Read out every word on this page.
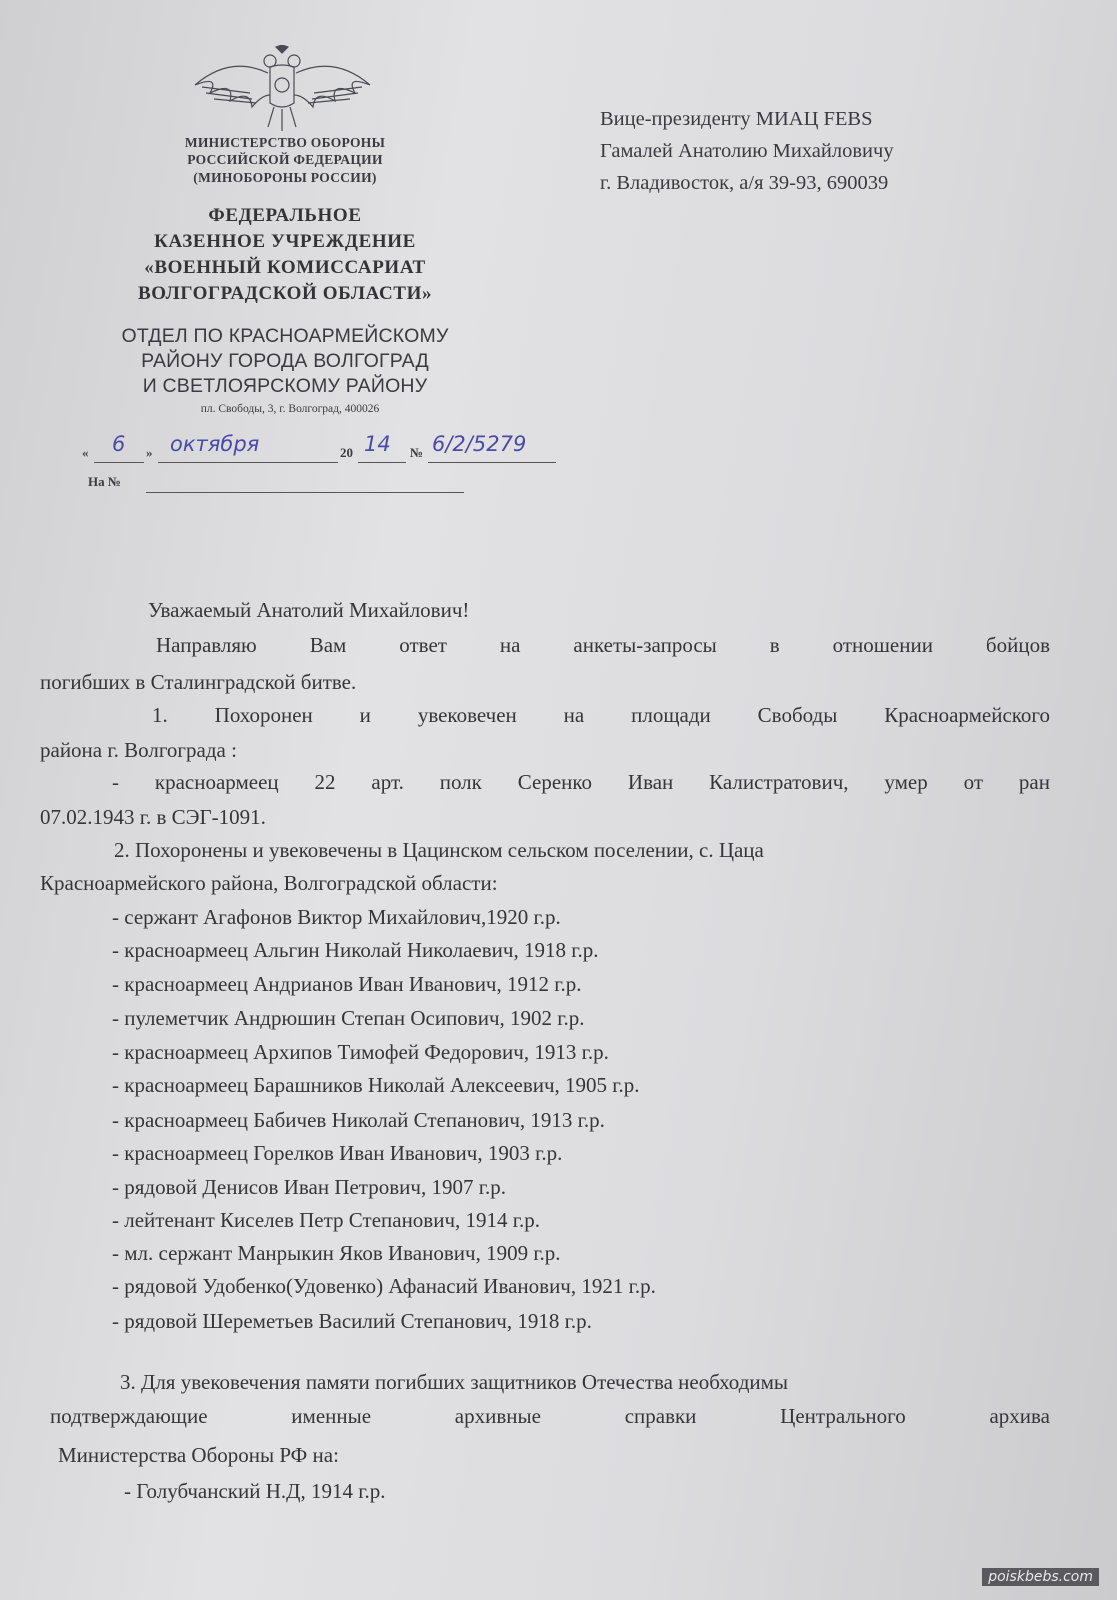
МИНИСТЕРСТВО ОБОРОНЫ
РОССИЙСКОЙ ФЕДЕРАЦИИ
(МИНОБОРОНЫ РОССИИ)
ФЕДЕРАЛЬНОЕ
КАЗЕННОЕ УЧРЕЖДЕНИЕ
«ВОЕННЫЙ КОМИССАРИАТ
ВОЛГОГРАДСКОЙ ОБЛАСТИ»
ОТДЕЛ ПО КРАСНОАРМЕЙСКОМУ
РАЙОНУ ГОРОДА ВОЛГОГРАД
И СВЕТЛОЯРСКОМУ РАЙОНУ
пл. Свободы, 3, г. Волгоград, 400026
Вице-президенту МИАЦ FEBS
Гамалей Анатолию Михайловичу
г. Владивосток, а/я 39-93, 690039
« 6 » октября	20 14 № 6/2/5279
На №
Уважаемый Анатолий Михайлович!
Направляю Вам ответ на анкеты-запросы в отношении бойцов
погибших в Сталинградской битве.
1. Похоронен и увековечен на площади Свободы Красноармейского
района г. Волгограда :
- красноармеец 22 арт. полк Серенко Иван Калистратович, умер от ран
07.02.1943 г. в СЭГ-1091.
2. Похоронены и увековечены в Цацинском сельском поселении, с. Цаца
Красноармейского района, Волгоградской области:
- сержант Агафонов Виктор Михайлович,1920 г.р.
- красноармеец Альгин Николай Николаевич, 1918 г.р.
- красноармеец Андрианов Иван Иванович, 1912 г.р.
- пулеметчик Андрюшин Степан Осипович, 1902 г.р.
- красноармеец Архипов Тимофей Федорович, 1913 г.р.
- красноармеец Барашников Николай Алексеевич, 1905 г.р.
- красноармеец Бабичев Николай Степанович, 1913 г.р.
- красноармеец Горелков Иван Иванович, 1903 г.р.
- рядовой Денисов Иван Петрович, 1907 г.р.
- лейтенант Киселев Петр Степанович, 1914 г.р.
- мл. сержант Манрыкин Яков Иванович, 1909 г.р.
- рядовой Удобенко(Удовенко) Афанасий Иванович, 1921 г.р.
- рядовой Шереметьев Василий Степанович, 1918 г.р.
3. Для увековечения памяти погибших защитников Отечества необходимы
подтверждающие именные архивные справки Центрального архива
Министерства Обороны РФ на:
- Голубчанский Н.Д, 1914 г.р.
poiskbebs.com
